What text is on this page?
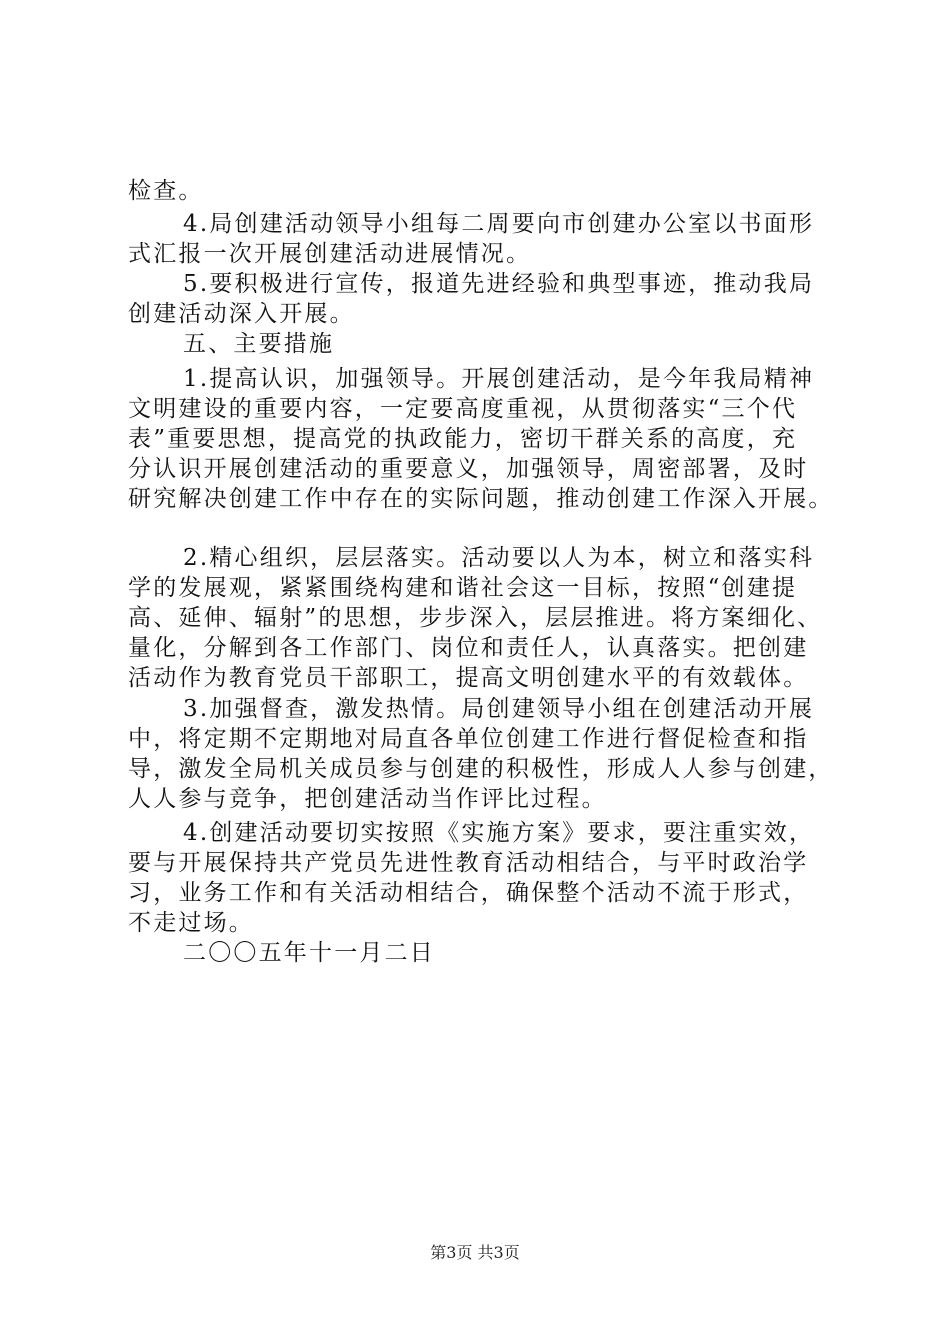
检查。
4.局创建活动领导小组每二周要向市创建办公室以书面形
式汇报一次开展创建活动进展情况。
5.要积极进行宣传，报道先进经验和典型事迹，推动我局
创建活动深入开展。
五、主要措施
1.提高认识，加强领导。开展创建活动，是今年我局精神
文明建设的重要内容，一定要高度重视，从贯彻落实“三个代
表”重要思想，提高党的执政能力，密切干群关系的高度，充
分认识开展创建活动的重要意义，加强领导，周密部署，及时
研究解决创建工作中存在的实际问题，推动创建工作深入开展。
2.精心组织，层层落实。活动要以人为本，树立和落实科
学的发展观，紧紧围绕构建和谐社会这一目标，按照“创建提
高、延伸、辐射”的思想，步步深入，层层推进。将方案细化、
量化，分解到各工作部门、岗位和责任人，认真落实。把创建
活动作为教育党员干部职工，提高文明创建水平的有效载体。
3.加强督查，激发热情。局创建领导小组在创建活动开展
中，将定期不定期地对局直各单位创建工作进行督促检查和指
导，激发全局机关成员参与创建的积极性，形成人人参与创建，
人人参与竞争，把创建活动当作评比过程。
4.创建活动要切实按照《实施方案》要求，要注重实效，
要与开展保持共产党员先进性教育活动相结合，与平时政治学
习，业务工作和有关活动相结合，确保整个活动不流于形式，
不走过场。
二〇〇五年十一月二日
第3页 共3页
